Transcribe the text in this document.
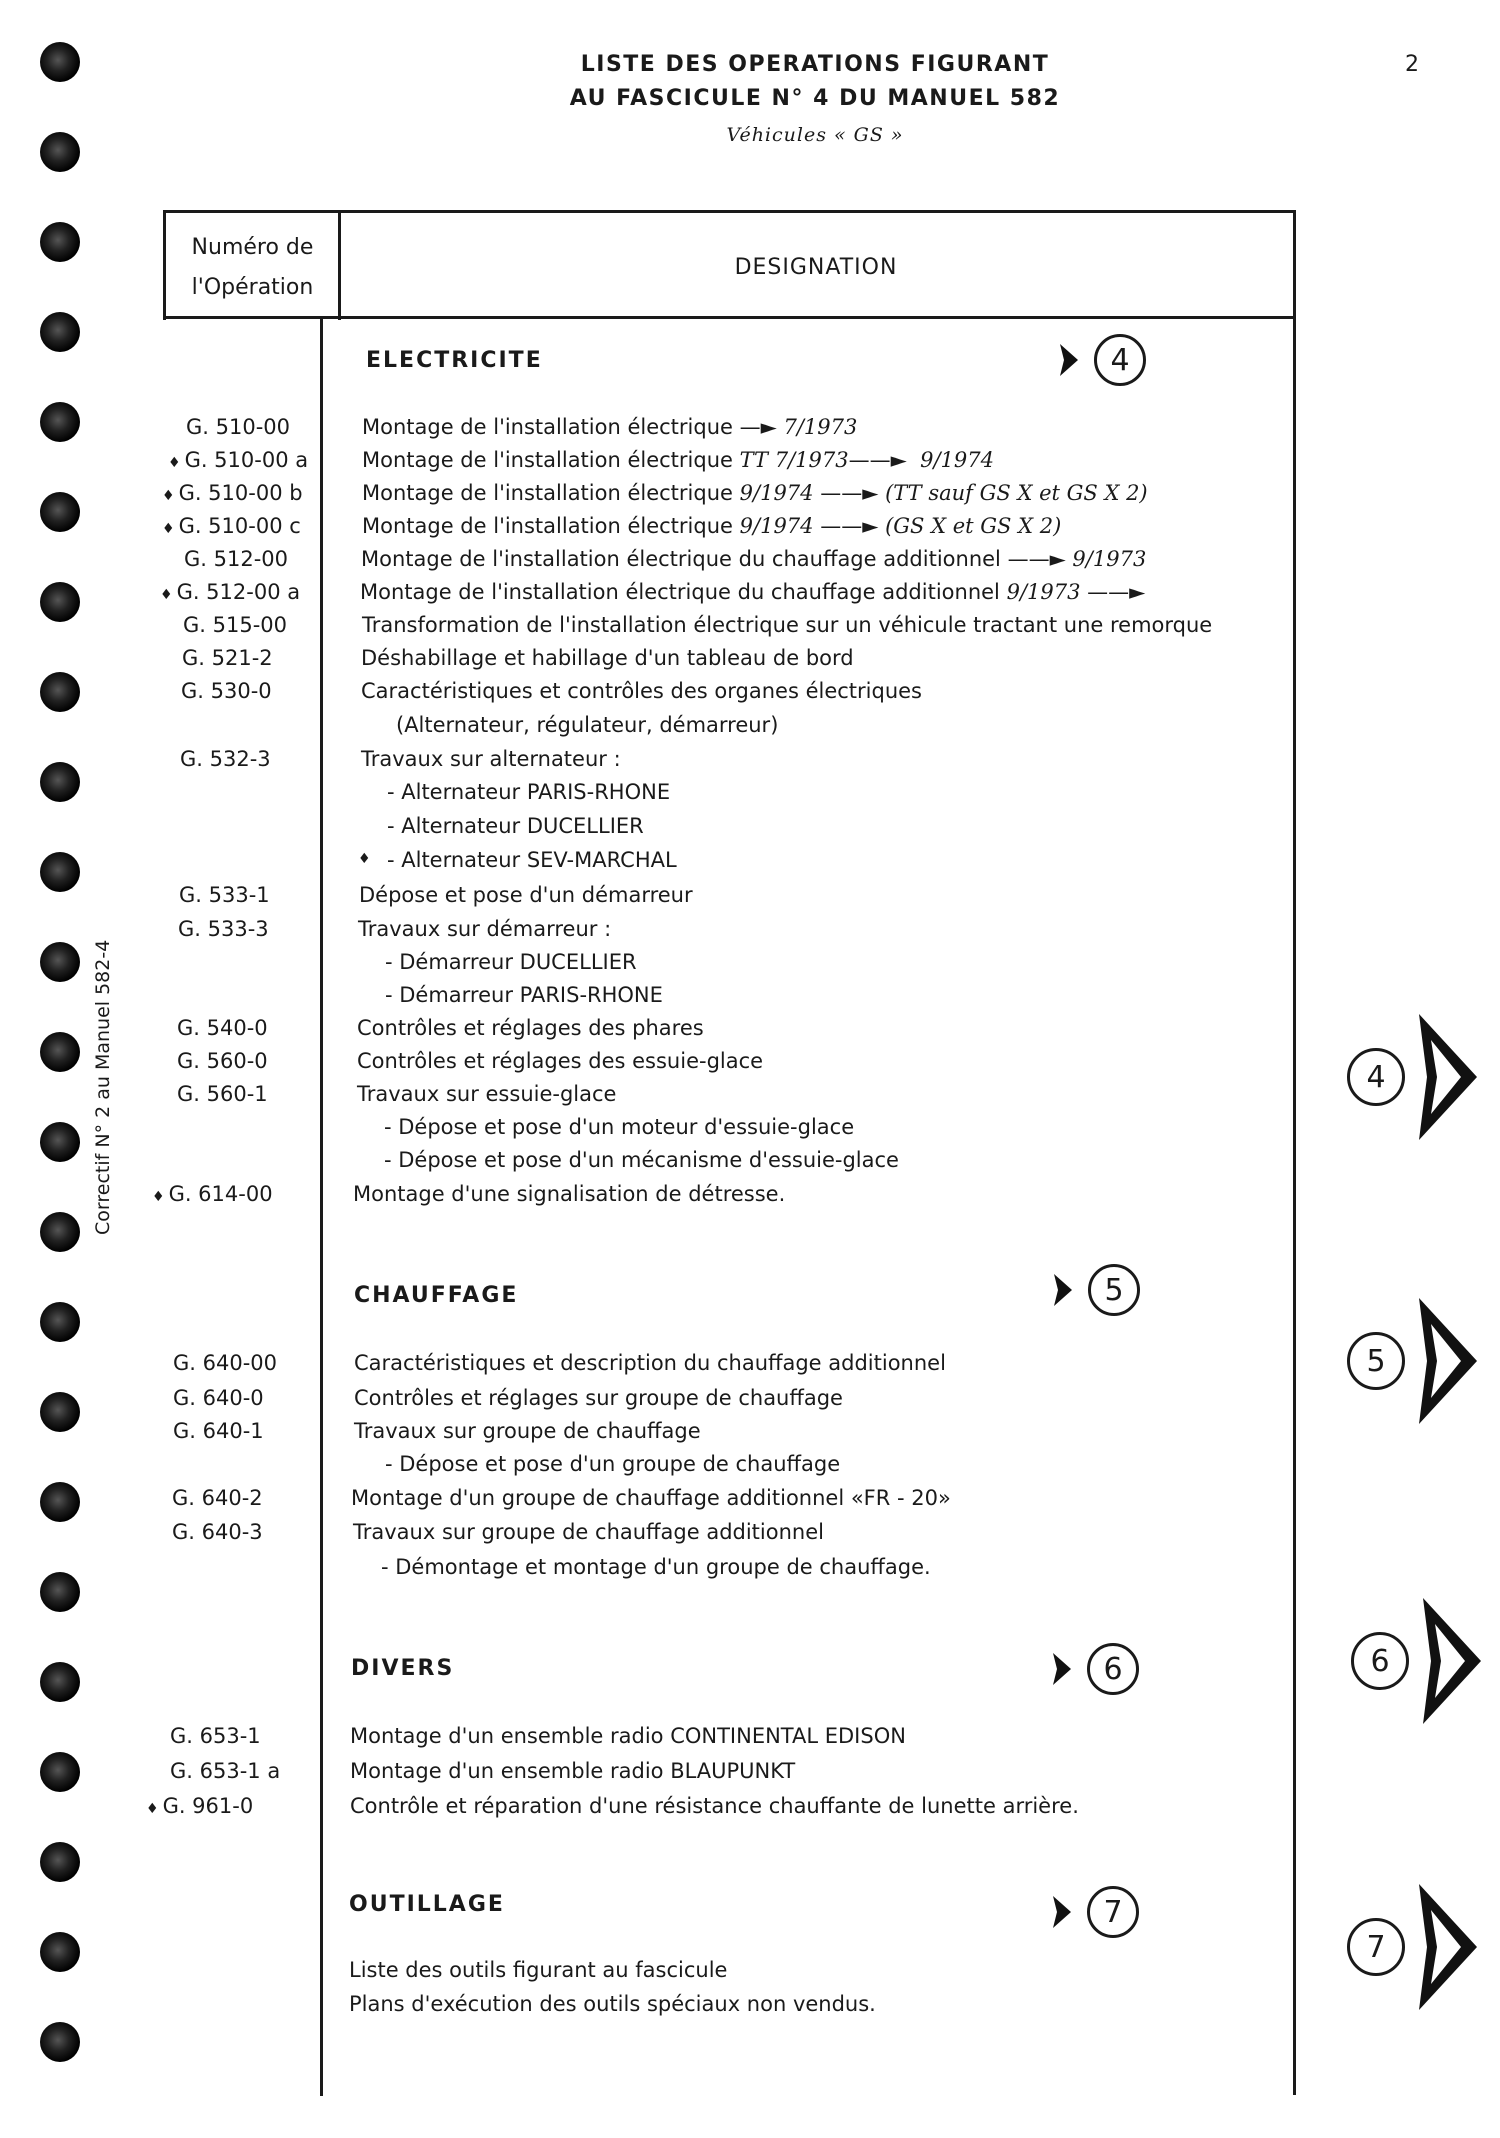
2
LISTE DES OPERATIONS FIGURANT
AU FASCICULE N° 4 DU MANUEL 582
Véhicules « GS »
Correctif N° 2 au Manuel 582-4
Numéro de
l'Opération
DESIGNATION
ELECTRICITE	4
G. 510-00	Montage de l'installation électrique —► 7/1973
♦ G. 510-00 a	Montage de l'installation électrique TT 7/1973——► 9/1974
♦ G. 510-00 b	Montage de l'installation électrique 9/1974 ——► (TT sauf GS X et GS X 2)
♦ G. 510-00 c	Montage de l'installation électrique 9/1974 ——► (GS X et GS X 2)
G. 512-00	Montage de l'installation électrique du chauffage additionnel ——► 9/1973
♦ G. 512-00 a	Montage de l'installation électrique du chauffage additionnel 9/1973 ——►
G. 515-00	Transformation de l'installation électrique sur un véhicule tractant une remorque
G. 521-2	Déshabillage et habillage d'un tableau de bord
G. 530-0	Caractéristiques et contrôles des organes électriques
(Alternateur, régulateur, démarreur)
G. 532-3	Travaux sur alternateur :
- Alternateur PARIS-RHONE
- Alternateur DUCELLIER
♦ - Alternateur SEV-MARCHAL
G. 533-1	Dépose et pose d'un démarreur
G. 533-3	Travaux sur démarreur :
- Démarreur DUCELLIER
- Démarreur PARIS-RHONE
G. 540-0	Contrôles et réglages des phares
G. 560-0	Contrôles et réglages des essuie-glace
G. 560-1	Travaux sur essuie-glace
- Dépose et pose d'un moteur d'essuie-glace
- Dépose et pose d'un mécanisme d'essuie-glace
♦ G. 614-00	Montage d'une signalisation de détresse.
CHAUFFAGE	5
G. 640-00	Caractéristiques et description du chauffage additionnel
G. 640-0	Contrôles et réglages sur groupe de chauffage
G. 640-1	Travaux sur groupe de chauffage
- Dépose et pose d'un groupe de chauffage
G. 640-2	Montage d'un groupe de chauffage additionnel «FR - 20»
G. 640-3	Travaux sur groupe de chauffage additionnel
- Démontage et montage d'un groupe de chauffage.
DIVERS	6
G. 653-1	Montage d'un ensemble radio CONTINENTAL EDISON
G. 653-1 a	Montage d'un ensemble radio BLAUPUNKT
♦ G. 961-0	Contrôle et réparation d'une résistance chauffante de lunette arrière.
OUTILLAGE	7
Liste des outils figurant au fascicule
Plans d'exécution des outils spéciaux non vendus.
4
5
6
7
